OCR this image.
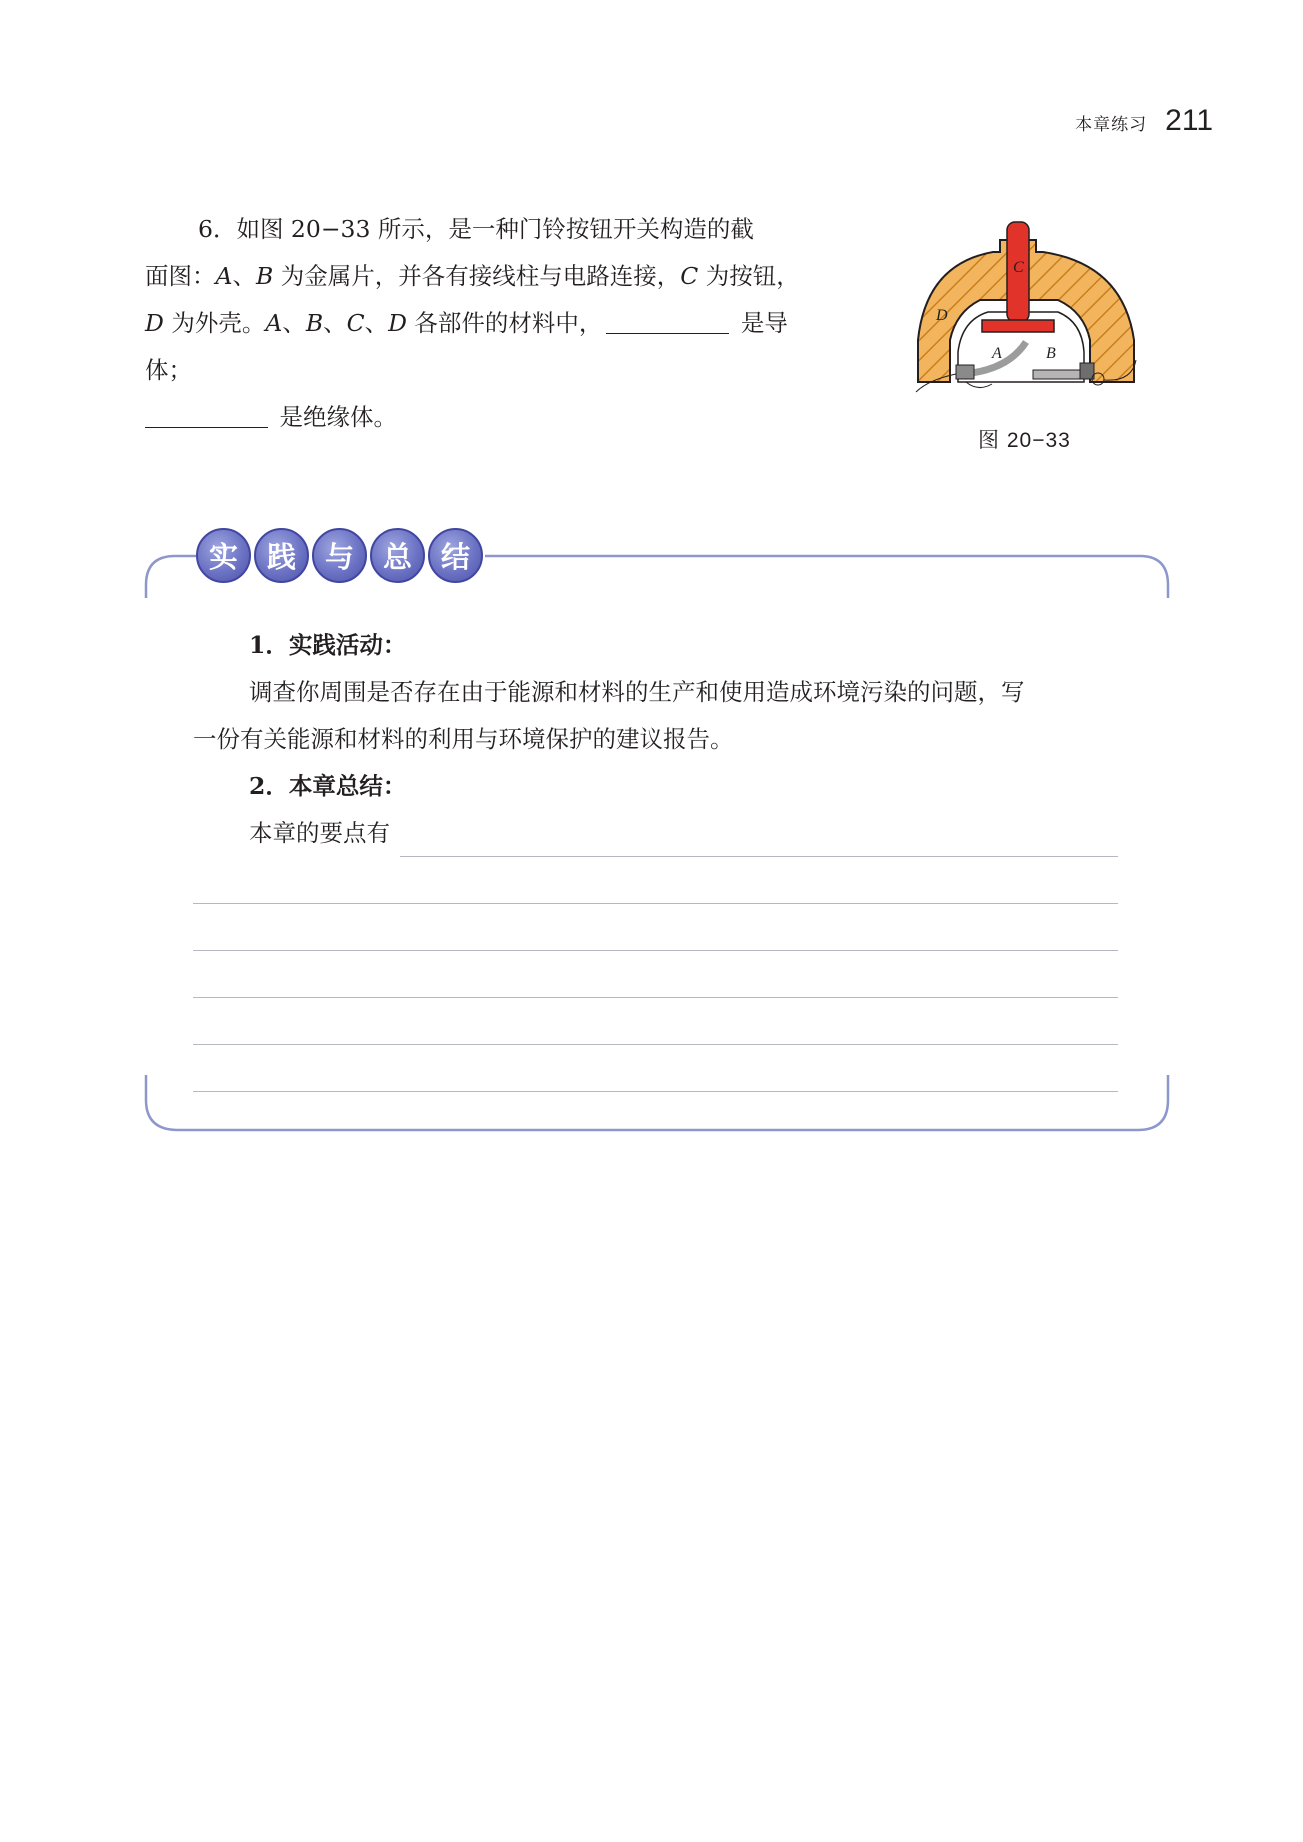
本章练习 211

6．如图 20−33 所示，是一种门铃按钮开关构造的截

面图：A、B 为金属片，并各有接线柱与电路连接，C 为按钮，

D 为外壳。A、B、C、D 各部件的材料中，	是导体；

是绝缘体。

C
D
A	B
图 20−33
实 践 与 总 结

1．实践活动：

调查你周围是否存在由于能源和材料的生产和使用造成环境污染的问题，写

一份有关能源和材料的利用与环境保护的建议报告。

2．本章总结：

本章的要点有
